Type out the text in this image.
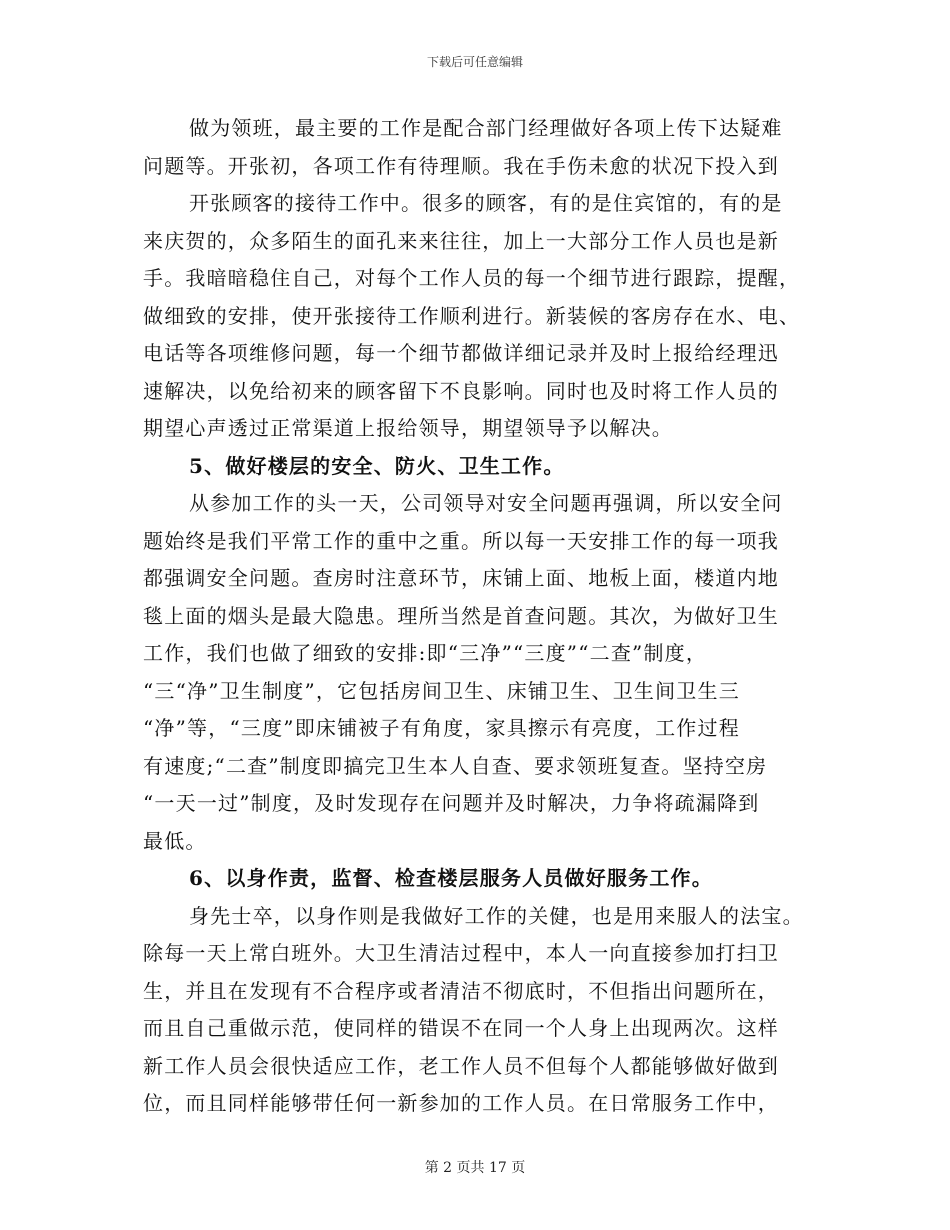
下载后可任意编辑
做为领班，最主要的工作是配合部门经理做好各项上传下达疑难
问题等。开张初，各项工作有待理顺。我在手伤未愈的状况下投入到
开张顾客的接待工作中。很多的顾客，有的是住宾馆的，有的是
来庆贺的，众多陌生的面孔来来往往，加上一大部分工作人员也是新
手。我暗暗稳住自己，对每个工作人员的每一个细节进行跟踪，提醒，
做细致的安排，使开张接待工作顺利进行。新装候的客房存在水、电、
电话等各项维修问题，每一个细节都做详细记录并及时上报给经理迅
速解决，以免给初来的顾客留下不良影响。同时也及时将工作人员的
期望心声透过正常渠道上报给领导，期望领导予以解决。
5、做好楼层的安全、防火、卫生工作。
从参加工作的头一天，公司领导对安全问题再强调，所以安全问
题始终是我们平常工作的重中之重。所以每一天安排工作的每一项我
都强调安全问题。查房时注意环节，床铺上面、地板上面，楼道内地
毯上面的烟头是最大隐患。理所当然是首查问题。其次，为做好卫生
工作，我们也做了细致的安排:即“三净”“三度”“二查”制度，
“三“净”卫生制度”，它包括房间卫生、床铺卫生、卫生间卫生三
“净”等，“三度”即床铺被子有角度，家具擦示有亮度，工作过程
有速度;“二查”制度即搞完卫生本人自查、要求领班复查。坚持空房
“一天一过”制度，及时发现存在问题并及时解决，力争将疏漏降到
最低。
6、以身作责，监督、检查楼层服务人员做好服务工作。
身先士卒，以身作则是我做好工作的关健，也是用来服人的法宝。
除每一天上常白班外。大卫生清洁过程中，本人一向直接参加打扫卫
生，并且在发现有不合程序或者清洁不彻底时，不但指出问题所在，
而且自己重做示范，使同样的错误不在同一个人身上出现两次。这样
新工作人员会很快适应工作，老工作人员不但每个人都能够做好做到
位，而且同样能够带任何一新参加的工作人员。在日常服务工作中，
第 2 页共 17 页
